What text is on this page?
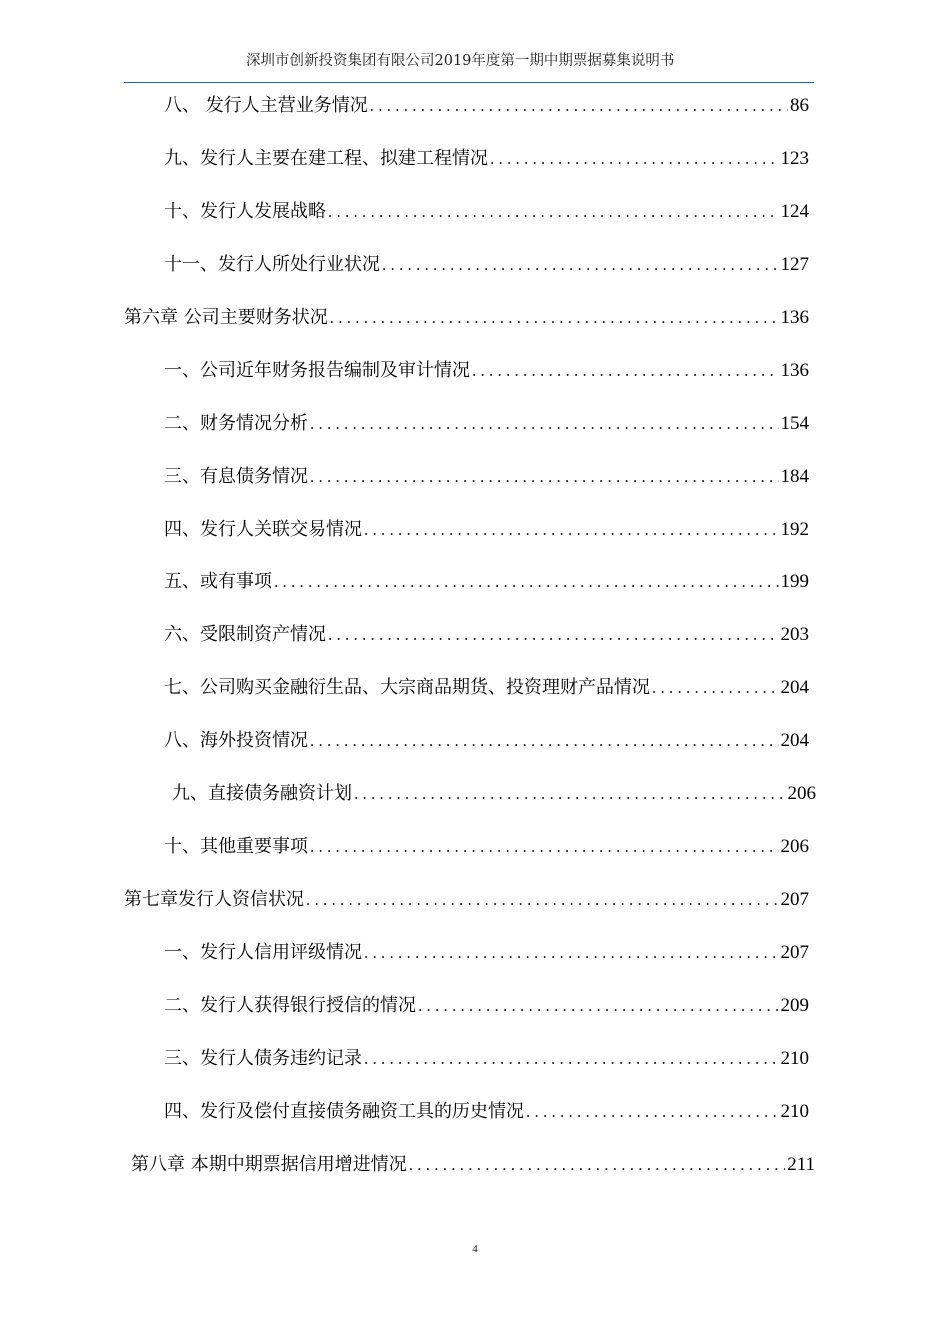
深圳市创新投资集团有限公司2019年度第一期中期票据募集说明书
八、 发行人主营业务情况 . . .	86
九、发行人主要在建工程、拟建工程情况 . . .	123
十、发行人发展战略 . . .	124
十一、发行人所处行业状况 . . .	127
第六章 公司主要财务状况 . . .	136
一、公司近年财务报告编制及审计情况 . . .	136
二、财务情况分析 . . .	154
三、有息债务情况 . . .	184
四、发行人关联交易情况 . . .	192
五、或有事项 . . .	199
六、受限制资产情况 . . .	203
七、公司购买金融衍生品、大宗商品期货、投资理财产品情况 . . .	204
八、海外投资情况 . . .	204
九、直接债务融资计划 . . .	206
十、其他重要事项 . . .	206
第七章发行人资信状况 . . .	207
一、发行人信用评级情况 . . .	207
二、发行人获得银行授信的情况 . . .	209
三、发行人债务违约记录 . . .	210
四、发行及偿付直接债务融资工具的历史情况 . . .	210
第八章 本期中期票据信用增进情况 . . .	211
4
